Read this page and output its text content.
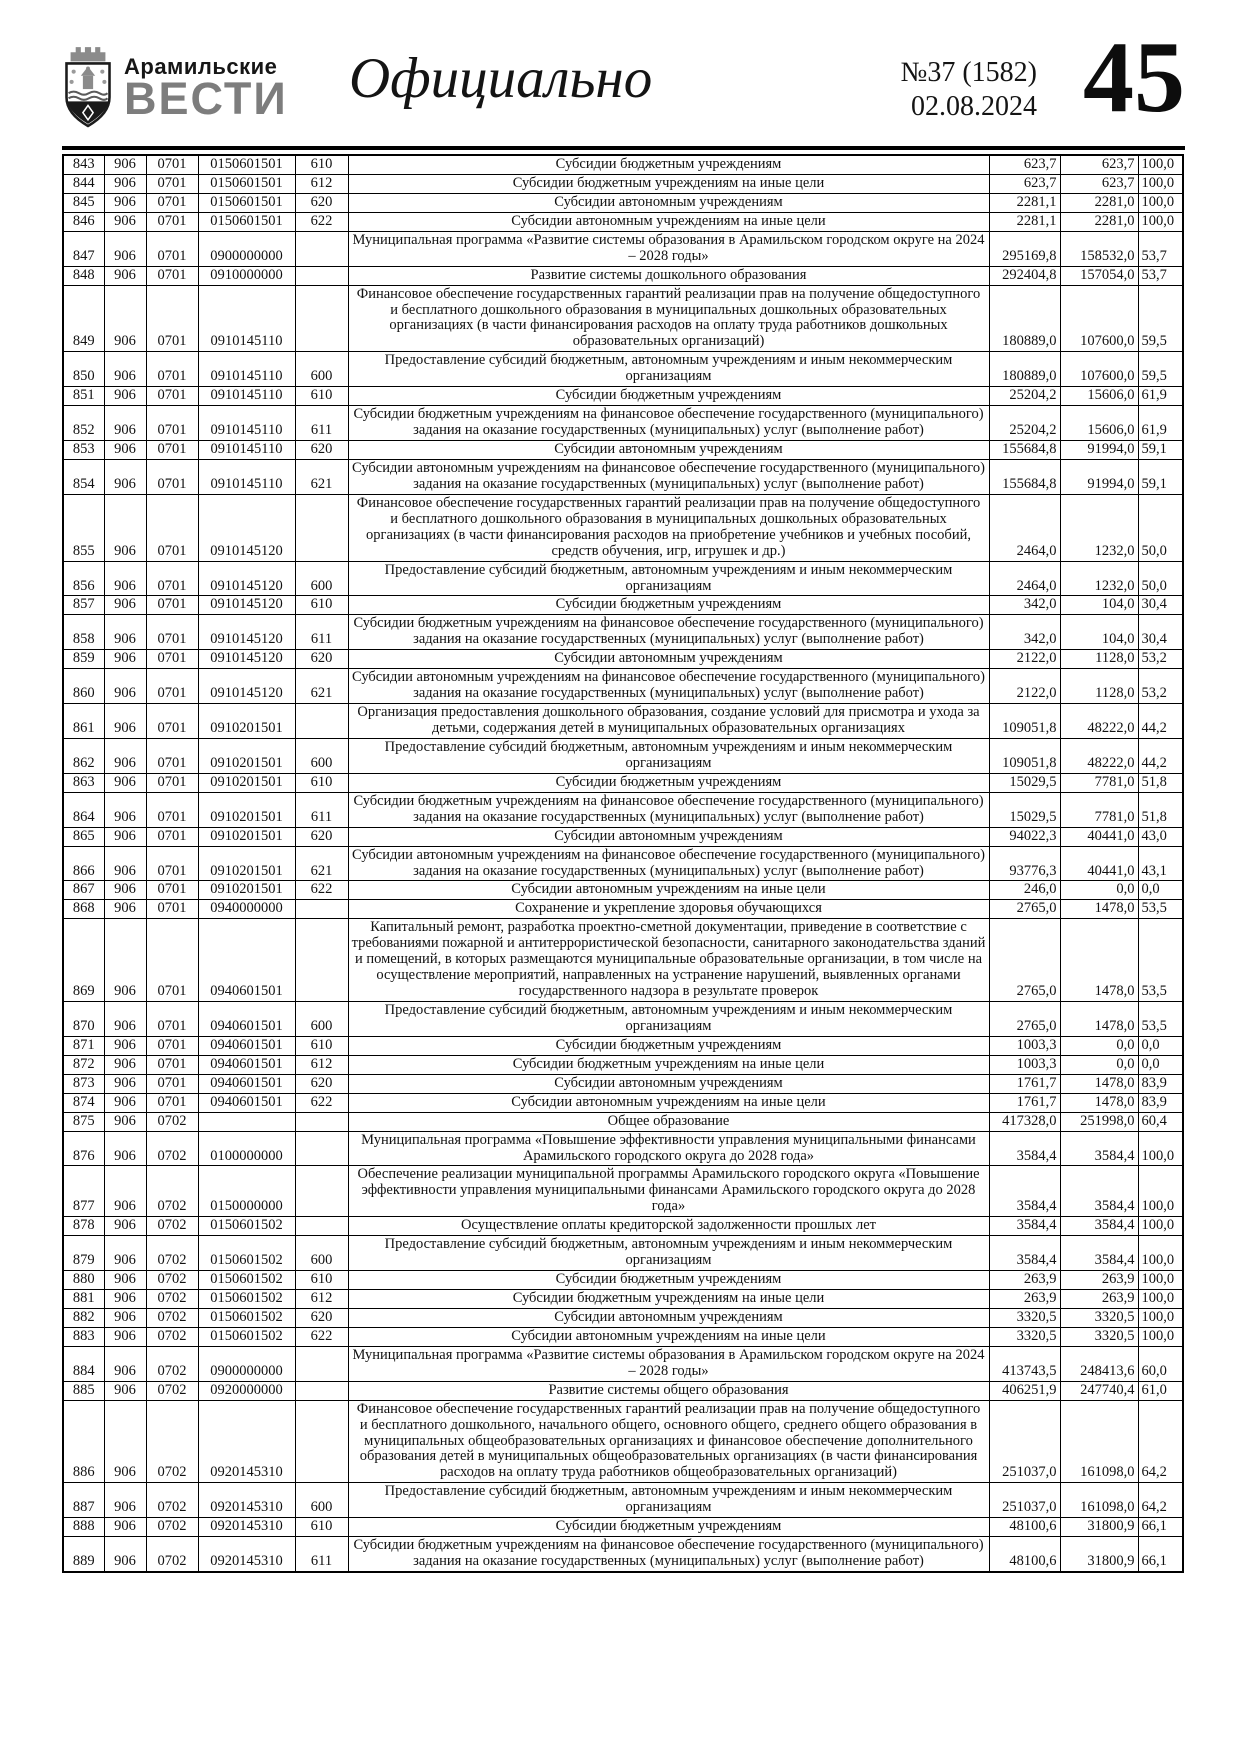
Арамильские
ВЕСТИ Официально	№37 (1582)
02.08.2024 45
843	906	0701	0150601501	610	Субсидии бюджетным учреждениям	623,7	623,7	100,0
844	906	0701	0150601501	612	Субсидии бюджетным учреждениям на иные цели	623,7	623,7	100,0
845	906	0701	0150601501	620	Субсидии автономным учреждениям	2281,1	2281,0	100,0
846	906	0701	0150601501	622	Субсидии автономным учреждениям на иные цели	2281,1	2281,0	100,0
847	906	0701	0900000000		Муниципальная программа «Развитие системы образования в Арамильском городском округе на 2024 – 2028 годы»	295169,8	158532,0	53,7
848	906	0701	0910000000		Развитие системы дошкольного образования	292404,8	157054,0	53,7
849	906	0701	0910145110		Финансовое обеспечение государственных гарантий реализации прав на получение общедоступного и бесплатного дошкольного образования в муниципальных дошкольных образовательных организациях (в части финансирования расходов на оплату труда работников дошкольных образовательных организаций)	180889,0	107600,0	59,5
850	906	0701	0910145110	600	Предоставление субсидий бюджетным, автономным учреждениям и иным некоммерческим организациям	180889,0	107600,0	59,5
851	906	0701	0910145110	610	Субсидии бюджетным учреждениям	25204,2	15606,0	61,9
852	906	0701	0910145110	611	Субсидии бюджетным учреждениям на финансовое обеспечение государственного (муниципального) задания на оказание государственных (муниципальных) услуг (выполнение работ)	25204,2	15606,0	61,9
853	906	0701	0910145110	620	Субсидии автономным учреждениям	155684,8	91994,0	59,1
854	906	0701	0910145110	621	Субсидии автономным учреждениям на финансовое обеспечение государственного (муниципального) задания на оказание государственных (муниципальных) услуг (выполнение работ)	155684,8	91994,0	59,1
855	906	0701	0910145120		Финансовое обеспечение государственных гарантий реализации прав на получение общедоступного и бесплатного дошкольного образования в муниципальных дошкольных образовательных организациях (в части финансирования расходов на приобретение учебников и учебных пособий, средств обучения, игр, игрушек и др.)	2464,0	1232,0	50,0
856	906	0701	0910145120	600	Предоставление субсидий бюджетным, автономным учреждениям и иным некоммерческим организациям	2464,0	1232,0	50,0
857	906	0701	0910145120	610	Субсидии бюджетным учреждениям	342,0	104,0	30,4
858	906	0701	0910145120	611	Субсидии бюджетным учреждениям на финансовое обеспечение государственного (муниципального) задания на оказание государственных (муниципальных) услуг (выполнение работ)	342,0	104,0	30,4
859	906	0701	0910145120	620	Субсидии автономным учреждениям	2122,0	1128,0	53,2
860	906	0701	0910145120	621	Субсидии автономным учреждениям на финансовое обеспечение государственного (муниципального) задания на оказание государственных (муниципальных) услуг (выполнение работ)	2122,0	1128,0	53,2
861	906	0701	0910201501		Организация предоставления дошкольного образования, создание условий для присмотра и ухода за детьми, содержания детей в муниципальных образовательных организациях	109051,8	48222,0	44,2
862	906	0701	0910201501	600	Предоставление субсидий бюджетным, автономным учреждениям и иным некоммерческим организациям	109051,8	48222,0	44,2
863	906	0701	0910201501	610	Субсидии бюджетным учреждениям	15029,5	7781,0	51,8
864	906	0701	0910201501	611	Субсидии бюджетным учреждениям на финансовое обеспечение государственного (муниципального) задания на оказание государственных (муниципальных) услуг (выполнение работ)	15029,5	7781,0	51,8
865	906	0701	0910201501	620	Субсидии автономным учреждениям	94022,3	40441,0	43,0
866	906	0701	0910201501	621	Субсидии автономным учреждениям на финансовое обеспечение государственного (муниципального) задания на оказание государственных (муниципальных) услуг (выполнение работ)	93776,3	40441,0	43,1
867	906	0701	0910201501	622	Субсидии автономным учреждениям на иные цели	246,0	0,0	0,0
868	906	0701	0940000000		Сохранение и укрепление здоровья обучающихся	2765,0	1478,0	53,5
869	906	0701	0940601501		Капитальный ремонт, разработка проектно-сметной документации, приведение в соответствие с требованиями пожарной и антитеррористической безопасности, санитарного законодательства зданий и помещений, в которых размещаются муниципальные образовательные организации, в том числе на осуществление мероприятий, направленных на устранение нарушений, выявленных органами государственного надзора в результате проверок	2765,0	1478,0	53,5
870	906	0701	0940601501	600	Предоставление субсидий бюджетным, автономным учреждениям и иным некоммерческим организациям	2765,0	1478,0	53,5
871	906	0701	0940601501	610	Субсидии бюджетным учреждениям	1003,3	0,0	0,0
872	906	0701	0940601501	612	Субсидии бюджетным учреждениям на иные цели	1003,3	0,0	0,0
873	906	0701	0940601501	620	Субсидии автономным учреждениям	1761,7	1478,0	83,9
874	906	0701	0940601501	622	Субсидии автономным учреждениям на иные цели	1761,7	1478,0	83,9
875	906	0702			Общее образование	417328,0	251998,0	60,4
876	906	0702	0100000000		Муниципальная программа «Повышение эффективности управления муниципальными финансами Арамильского городского округа до 2028 года»	3584,4	3584,4	100,0
877	906	0702	0150000000		Обеспечение реализации муниципальной программы Арамильского городского округа «Повышение эффективности управления муниципальными финансами Арамильского городского округа до 2028 года»	3584,4	3584,4	100,0
878	906	0702	0150601502		Осуществление оплаты кредиторской задолженности прошлых лет	3584,4	3584,4	100,0
879	906	0702	0150601502	600	Предоставление субсидий бюджетным, автономным учреждениям и иным некоммерческим организациям	3584,4	3584,4	100,0
880	906	0702	0150601502	610	Субсидии бюджетным учреждениям	263,9	263,9	100,0
881	906	0702	0150601502	612	Субсидии бюджетным учреждениям на иные цели	263,9	263,9	100,0
882	906	0702	0150601502	620	Субсидии автономным учреждениям	3320,5	3320,5	100,0
883	906	0702	0150601502	622	Субсидии автономным учреждениям на иные цели	3320,5	3320,5	100,0
884	906	0702	0900000000		Муниципальная программа «Развитие системы образования в Арамильском городском округе на 2024 – 2028 годы»	413743,5	248413,6	60,0
885	906	0702	0920000000		Развитие системы общего образования	406251,9	247740,4	61,0
886	906	0702	0920145310		Финансовое обеспечение государственных гарантий реализации прав на получение общедоступного и бесплатного дошкольного, начального общего, основного общего, среднего общего образования в муниципальных общеобразовательных организациях и финансовое обеспечение дополнительного образования детей в муниципальных общеобразовательных организациях (в части финансирования расходов на оплату труда работников общеобразовательных организаций)	251037,0	161098,0	64,2
887	906	0702	0920145310	600	Предоставление субсидий бюджетным, автономным учреждениям и иным некоммерческим организациям	251037,0	161098,0	64,2
888	906	0702	0920145310	610	Субсидии бюджетным учреждениям	48100,6	31800,9	66,1
889	906	0702	0920145310	611	Субсидии бюджетным учреждениям на финансовое обеспечение государственного (муниципального) задания на оказание государственных (муниципальных) услуг (выполнение работ)	48100,6	31800,9	66,1
